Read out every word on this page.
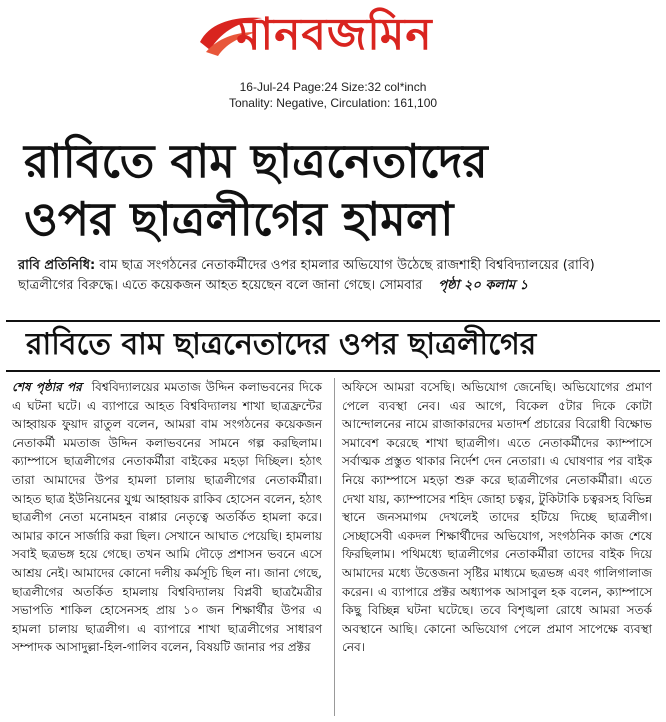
মানবজমিন
16-Jul-24 Page:24 Size:32 col*inch
Tonality: Negative, Circulation: 161,100
রাবিতে বাম ছাত্রনেতাদের
ওপর ছাত্রলীগের হামলা
রাবি প্রতিনিধি: বাম ছাত্র সংগঠনের নেতাকর্মীদের ওপর হামলার অভিযোগ উঠেছে রাজশাহী বিশ্ববিদ্যালয়ের (রাবি) ছাত্রলীগের বিরুদ্ধে। এতে কয়েকজন আহত হয়েছেন বলে জানা গেছে। সোমবার পৃষ্ঠা ২০ কলাম ১
রাবিতে বাম ছাত্রনেতাদের ওপর ছাত্রলীগের

শেষ পৃষ্ঠার পর বিশ্ববিদ্যালয়ের মমতাজ উদ্দিন কলাভবনের দিকে এ ঘটনা ঘটে। এ ব্যাপারে আহত বিশ্ববিদ্যালয় শাখা ছাত্রফ্রন্টের আহ্বায়ক ফুয়াদ রাতুল বলেন, আমরা বাম সংগঠনের কয়েকজন নেতাকর্মী মমতাজ উদ্দিন কলাভবনের সামনে গল্প করছিলাম। ক্যাম্পাসে ছাত্রলীগের নেতাকর্মীরা বাইকের মহড়া দিচ্ছিল। হঠাৎ তারা আমাদের উপর হামলা চালায় ছাত্রলীগের নেতাকর্মীরা। আহত ছাত্র ইউনিয়নের যুগ্ম আহ্বায়ক রাকিব হোসেন বলেন, হঠাৎ ছাত্রলীগ নেতা মনোমহন বাপ্পার নেতৃত্বে অতর্কিত হামলা করে। আমার কানে সার্জারি করা ছিল। সেখানে আঘাত পেয়েছি। হামলায় সবাই ছত্রভঙ্গ হয়ে গেছে। তখন আমি দৌড়ে প্রশাসন ভবনে এসে আশ্রয় নেই। আমাদের কোনো দলীয় কর্মসূচি ছিল না। জানা গেছে, ছাত্রলীগের অতর্কিত হামলায় বিশ্ববিদ্যালয় বিপ্লবী ছাত্রমৈত্রীর সভাপতি শাকিল হোসেনসহ প্রায় ১০ জন শিক্ষার্থীর উপর এ হামলা চালায় ছাত্রলীগ। এ ব্যাপারে শাখা ছাত্রলীগের সাধারণ সম্পাদক আসাদুল্লা-হিল-গালিব বলেন, বিষয়টি জানার পর প্রক্টর

অফিসে আমরা বসেছি। অভিযোগ জেনেছি। অভিযোগের প্রমাণ পেলে ব্যবস্থা নেব। এর আগে, বিকেল ৫টার দিকে কোটা আন্দোলনের নামে রাজাকারদের মতাদর্শ প্রচারের বিরোধী বিক্ষোভ সমাবেশ করেছে শাখা ছাত্রলীগ। এতে নেতাকর্মীদের ক্যাম্পাসে সর্বাত্মক প্রস্তুত থাকার নির্দেশ দেন নেতারা। এ ঘোষণার পর বাইক নিয়ে ক্যাম্পাসে মহড়া শুরু করে ছাত্রলীগের নেতাকর্মীরা। এতে দেখা যায়, ক্যাম্পাসের শহিদ জোহা চত্বর, টুকিটাকি চত্বরসহ বিভিন্ন স্থানে জনসমাগম দেখলেই তাদের হটিয়ে দিচ্ছে ছাত্রলীগ। সেচ্ছাসেবী একদল শিক্ষার্থীদের অভিযোগ, সংগঠনিক কাজ শেষে ফিরছিলাম। পথিমধ্যে ছাত্রলীগের নেতাকর্মীরা তাদের বাইক দিয়ে আমাদের মধ্যে উত্তেজনা সৃষ্টির মাধ্যমে ছত্রভঙ্গ এবং গালিগালাজ করেন। এ ব্যাপারে প্রক্টর অধ্যাপক আসাবুল হক বলেন, ক্যাম্পাসে কিছু বিচ্ছিন্ন ঘটনা ঘটেছে। তবে বিশৃঙ্খলা রোধে আমরা সতর্ক অবস্থানে আছি। কোনো অভিযোগ পেলে প্রমাণ সাপেক্ষে ব্যবস্থা নেব।
